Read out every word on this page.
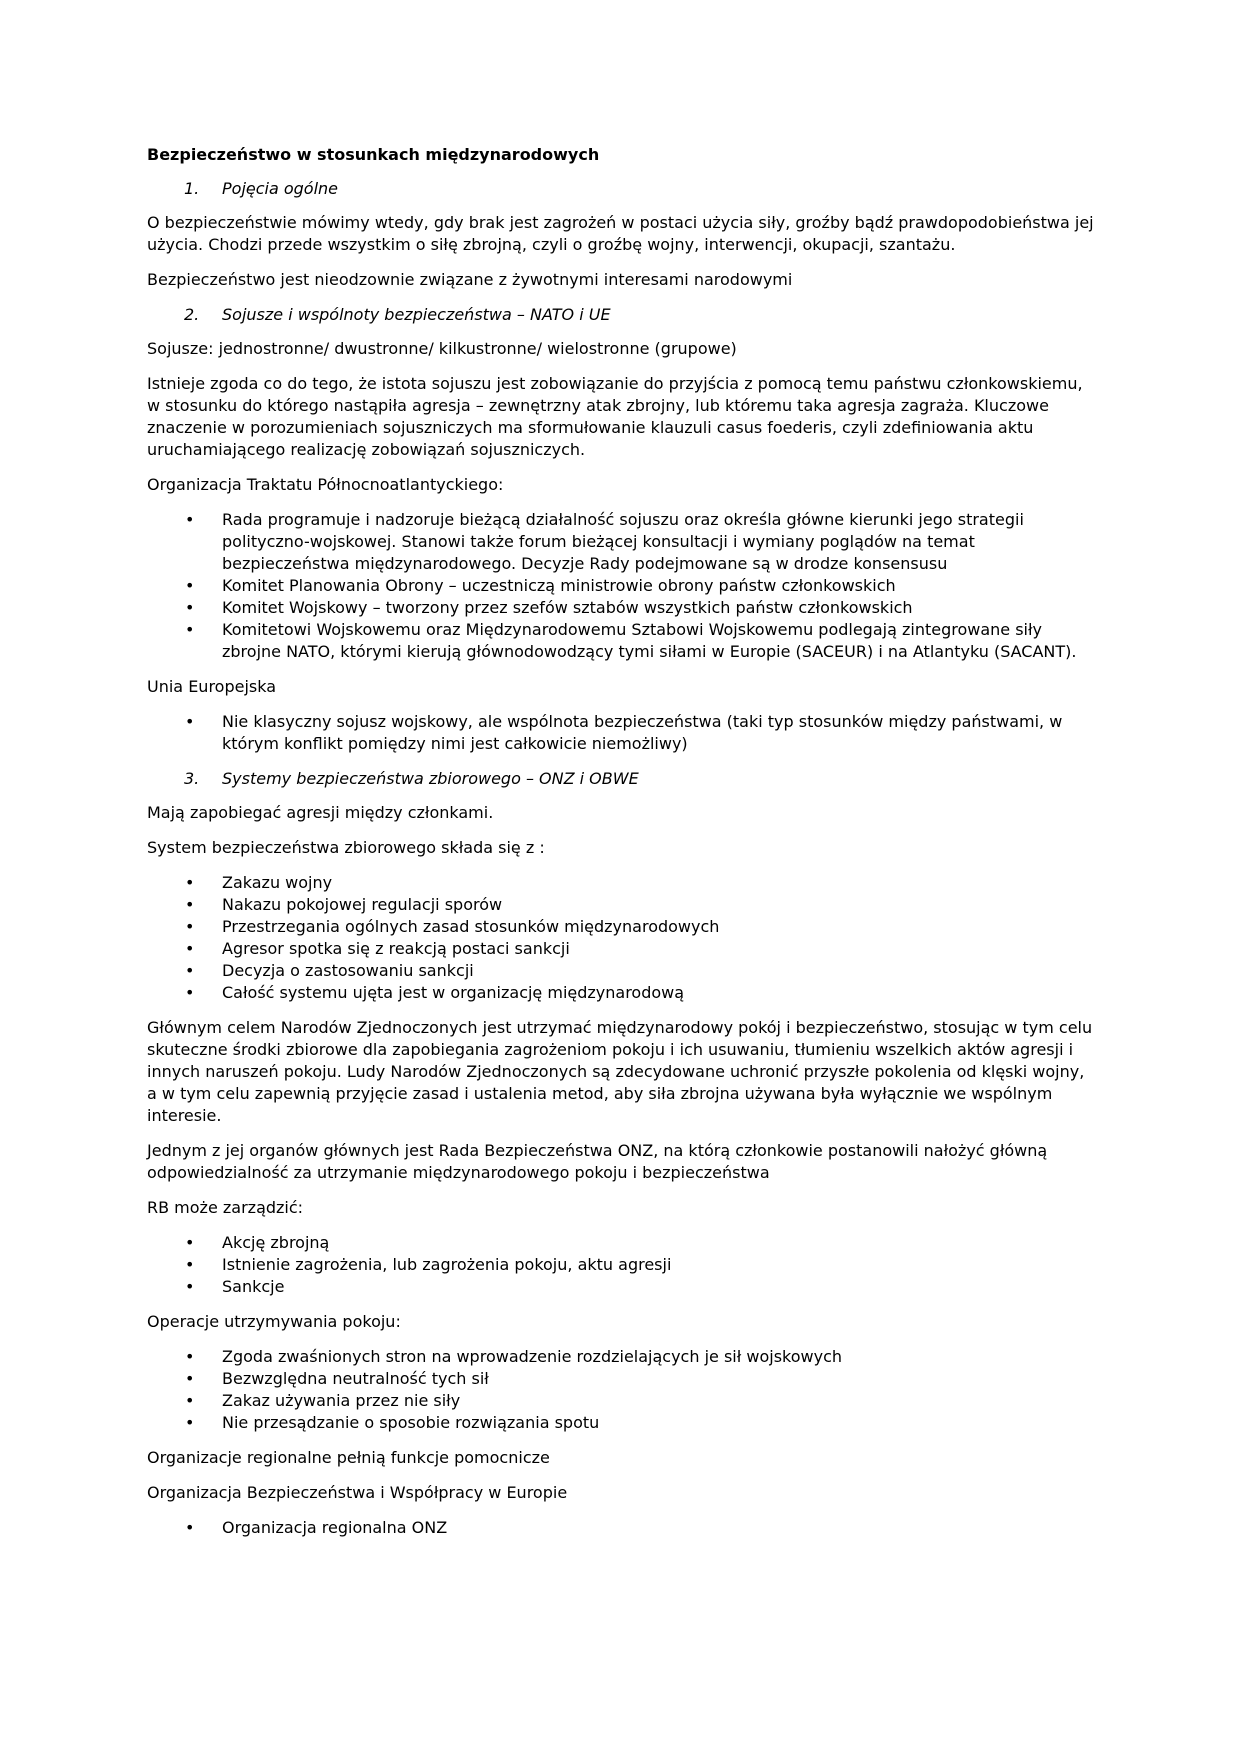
Bezpieczeństwo w stosunkach międzynarodowych

1.	Pojęcia ogólne

O bezpieczeństwie mówimy wtedy, gdy brak jest zagrożeń w postaci użycia siły, groźby bądź prawdopodobieństwa jej użycia. Chodzi przede wszystkim o siłę zbrojną, czyli o groźbę wojny, interwencji, okupacji, szantażu.

Bezpieczeństwo jest nieodzownie związane z żywotnymi interesami narodowymi

2.	Sojusze i wspólnoty bezpieczeństwa – NATO i UE

Sojusze: jednostronne/ dwustronne/ kilkustronne/ wielostronne (grupowe)

Istnieje zgoda co do tego, że istota sojuszu jest zobowiązanie do przyjścia z pomocą temu państwu członkowskiemu, w stosunku do którego nastąpiła agresja – zewnętrzny atak zbrojny, lub któremu taka agresja zagraża. Kluczowe znaczenie w porozumieniach sojuszniczych ma sformułowanie klauzuli casus foederis, czyli zdefiniowania aktu uruchamiającego realizację zobowiązań sojuszniczych.

Organizacja Traktatu Północnoatlantyckiego:

•	Rada programuje i nadzoruje bieżącą działalność sojuszu oraz określa główne kierunki jego strategii polityczno-wojskowej. Stanowi także forum bieżącej konsultacji i wymiany poglądów na temat bezpieczeństwa międzynarodowego. Decyzje Rady podejmowane są w drodze konsensusu
•	Komitet Planowania Obrony – uczestniczą ministrowie obrony państw członkowskich
•	Komitet Wojskowy – tworzony przez szefów sztabów wszystkich państw członkowskich
•	Komitetowi Wojskowemu oraz Międzynarodowemu Sztabowi Wojskowemu podlegają zintegrowane siły zbrojne NATO, którymi kierują głównodowodzący tymi siłami w Europie (SACEUR) i na Atlantyku (SACANT).

Unia Europejska

•	Nie klasyczny sojusz wojskowy, ale wspólnota bezpieczeństwa (taki typ stosunków między państwami, w którym konflikt pomiędzy nimi jest całkowicie niemożliwy)
3.	Systemy bezpieczeństwa zbiorowego – ONZ i OBWE

Mają zapobiegać agresji między członkami.

System bezpieczeństwa zbiorowego składa się z :

•	Zakazu wojny
•	Nakazu pokojowej regulacji sporów
•	Przestrzegania ogólnych zasad stosunków międzynarodowych
•	Agresor spotka się z reakcją postaci sankcji
•	Decyzja o zastosowaniu sankcji
•	Całość systemu ujęta jest w organizację międzynarodową

Głównym celem Narodów Zjednoczonych jest utrzymać międzynarodowy pokój i bezpieczeństwo, stosując w tym celu skuteczne środki zbiorowe dla zapobiegania zagrożeniom pokoju i ich usuwaniu, tłumieniu wszelkich aktów agresji i innych naruszeń pokoju. Ludy Narodów Zjednoczonych są zdecydowane uchronić przyszłe pokolenia od klęski wojny, a w tym celu zapewnią przyjęcie zasad i ustalenia metod, aby siła zbrojna używana była wyłącznie we wspólnym interesie.

Jednym z jej organów głównych jest Rada Bezpieczeństwa ONZ, na którą członkowie postanowili nałożyć główną odpowiedzialność za utrzymanie międzynarodowego pokoju i bezpieczeństwa

RB może zarządzić:

•	Akcję zbrojną
•	Istnienie zagrożenia, lub zagrożenia pokoju, aktu agresji
•	Sankcje

Operacje utrzymywania pokoju:

•	Zgoda zwaśnionych stron na wprowadzenie rozdzielających je sił wojskowych
•	Bezwzględna neutralność tych sił
•	Zakaz używania przez nie siły
•	Nie przesądzanie o sposobie rozwiązania spotu

Organizacje regionalne pełnią funkcje pomocnicze

Organizacja Bezpieczeństwa i Współpracy w Europie

•	Organizacja regionalna ONZ
